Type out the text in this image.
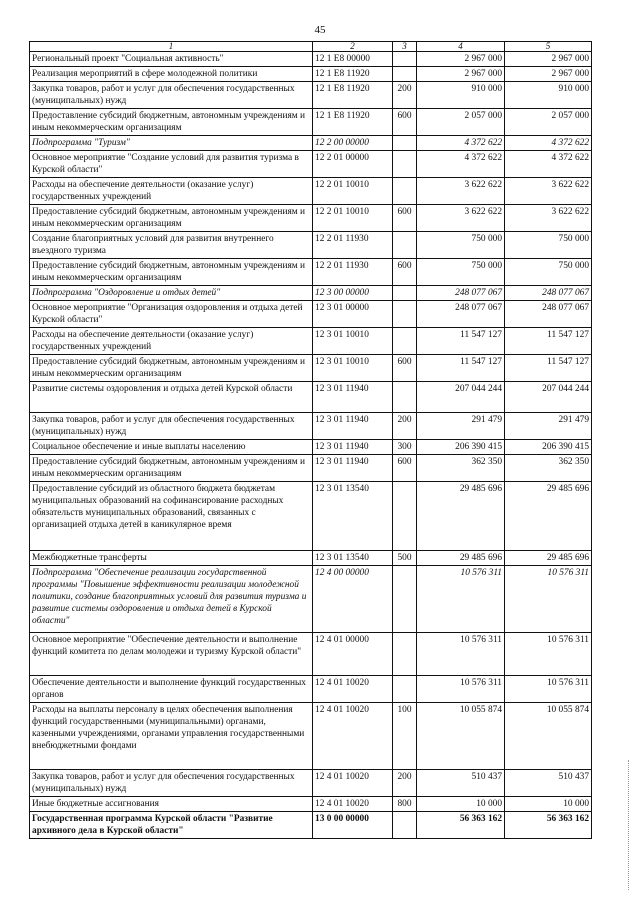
45
1	2	3	4	5
Региональный проект "Социальная активность"	12 1 E8 00000		2 967 000	2 967 000
Реализация мероприятий в сфере молодежной политики	12 1 E8 11920		2 967 000	2 967 000
Закупка товаров, работ и услуг для обеспечения государственных (муниципальных) нужд	12 1 E8 11920	200	910 000	910 000
Предоставление субсидий бюджетным, автономным учреждениям и иным некоммерческим организациям	12 1 E8 11920	600	2 057 000	2 057 000
Подпрограмма "Туризм"	12 2 00 00000		4 372 622	4 372 622
Основное мероприятие "Создание условий для развития туризма в Курской области"	12 2 01 00000		4 372 622	4 372 622
Расходы на обеспечение деятельности (оказание услуг) государственных учреждений	12 2 01 10010		3 622 622	3 622 622
Предоставление субсидий бюджетным, автономным учреждениям и иным некоммерческим организациям	12 2 01 10010	600	3 622 622	3 622 622
Создание благоприятных условий для развития внутреннего въездного туризма	12 2 01 11930		750 000	750 000
Предоставление субсидий бюджетным, автономным учреждениям и иным некоммерческим организациям	12 2 01 11930	600	750 000	750 000
Подпрограмма "Оздоровление и отдых детей"	12 3 00 00000		248 077 067	248 077 067
Основное мероприятие "Организация оздоровления и отдыха детей Курской области"	12 3 01 00000		248 077 067	248 077 067
Расходы на обеспечение деятельности (оказание услуг) государственных учреждений	12 3 01 10010		11 547 127	11 547 127
Предоставление субсидий бюджетным, автономным учреждениям и иным некоммерческим организациям	12 3 01 10010	600	11 547 127	11 547 127
Развитие системы оздоровления и отдыха детей Курской области	12 3 01 11940		207 044 244	207 044 244
Закупка товаров, работ и услуг для обеспечения государственных (муниципальных) нужд	12 3 01 11940	200	291 479	291 479
Социальное обеспечение и иные выплаты населению	12 3 01 11940	300	206 390 415	206 390 415
Предоставление субсидий бюджетным, автономным учреждениям и иным некоммерческим организациям	12 3 01 11940	600	362 350	362 350
Предоставление субсидий из областного бюджета бюджетам муниципальных образований на софинансирование расходных обязательств муниципальных образований, связанных с организацией отдыха детей в каникулярное время	12 3 01 13540		29 485 696	29 485 696
Межбюджетные трансферты	12 3 01 13540	500	29 485 696	29 485 696
Подпрограмма "Обеспечение реализации государственной программы "Повышение эффективности реализации молодежной политики, создание благоприятных условий для развития туризма и развитие системы оздоровления и отдыха детей в Курской области"	12 4 00 00000		10 576 311	10 576 311
Основное мероприятие "Обеспечение деятельности и выполнение функций комитета по делам молодежи и туризму Курской области"	12 4 01 00000		10 576 311	10 576 311
Обеспечение деятельности и выполнение функций государственных органов	12 4 01 10020		10 576 311	10 576 311
Расходы на выплаты персоналу в целях обеспечения выполнения функций государственными (муниципальными) органами, казенными учреждениями, органами управления государственными внебюджетными фондами	12 4 01 10020	100	10 055 874	10 055 874
Закупка товаров, работ и услуг для обеспечения государственных (муниципальных) нужд	12 4 01 10020	200	510 437	510 437
Иные бюджетные ассигнования	12 4 01 10020	800	10 000	10 000
Государственная программа Курской области "Развитие архивного дела в Курской области"	13 0 00 00000		56 363 162	56 363 162
